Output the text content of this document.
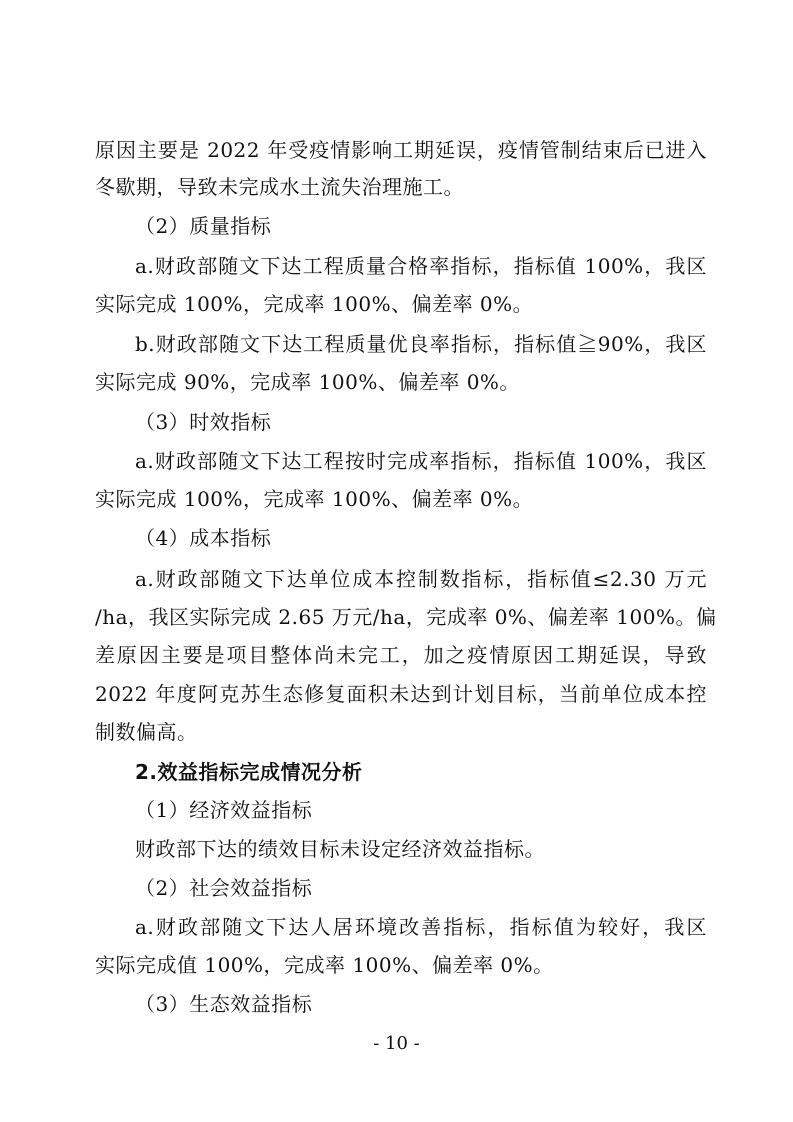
原因主要是 2022 年受疫情影响工期延误，疫情管制结束后已进入
冬歇期，导致未完成水土流失治理施工。
（2）质量指标
a.财政部随文下达工程质量合格率指标，指标值 100%，我区
实际完成 100%，完成率 100%、偏差率 0%。
b.财政部随文下达工程质量优良率指标，指标值≧90%，我区
实际完成 90%，完成率 100%、偏差率 0%。
（3）时效指标
a.财政部随文下达工程按时完成率指标，指标值 100%，我区
实际完成 100%，完成率 100%、偏差率 0%。
（4）成本指标
a.财政部随文下达单位成本控制数指标，指标值≤2.30 万元
/ha，我区实际完成 2.65 万元/ha，完成率 0%、偏差率 100%。偏
差原因主要是项目整体尚未完工，加之疫情原因工期延误，导致
2022 年度阿克苏生态修复面积未达到计划目标，当前单位成本控
制数偏高。
2.效益指标完成情况分析
（1）经济效益指标
财政部下达的绩效目标未设定经济效益指标。
（2）社会效益指标
a.财政部随文下达人居环境改善指标，指标值为较好，我区
实际完成值 100%，完成率 100%、偏差率 0%。
（3）生态效益指标
- 10 -
